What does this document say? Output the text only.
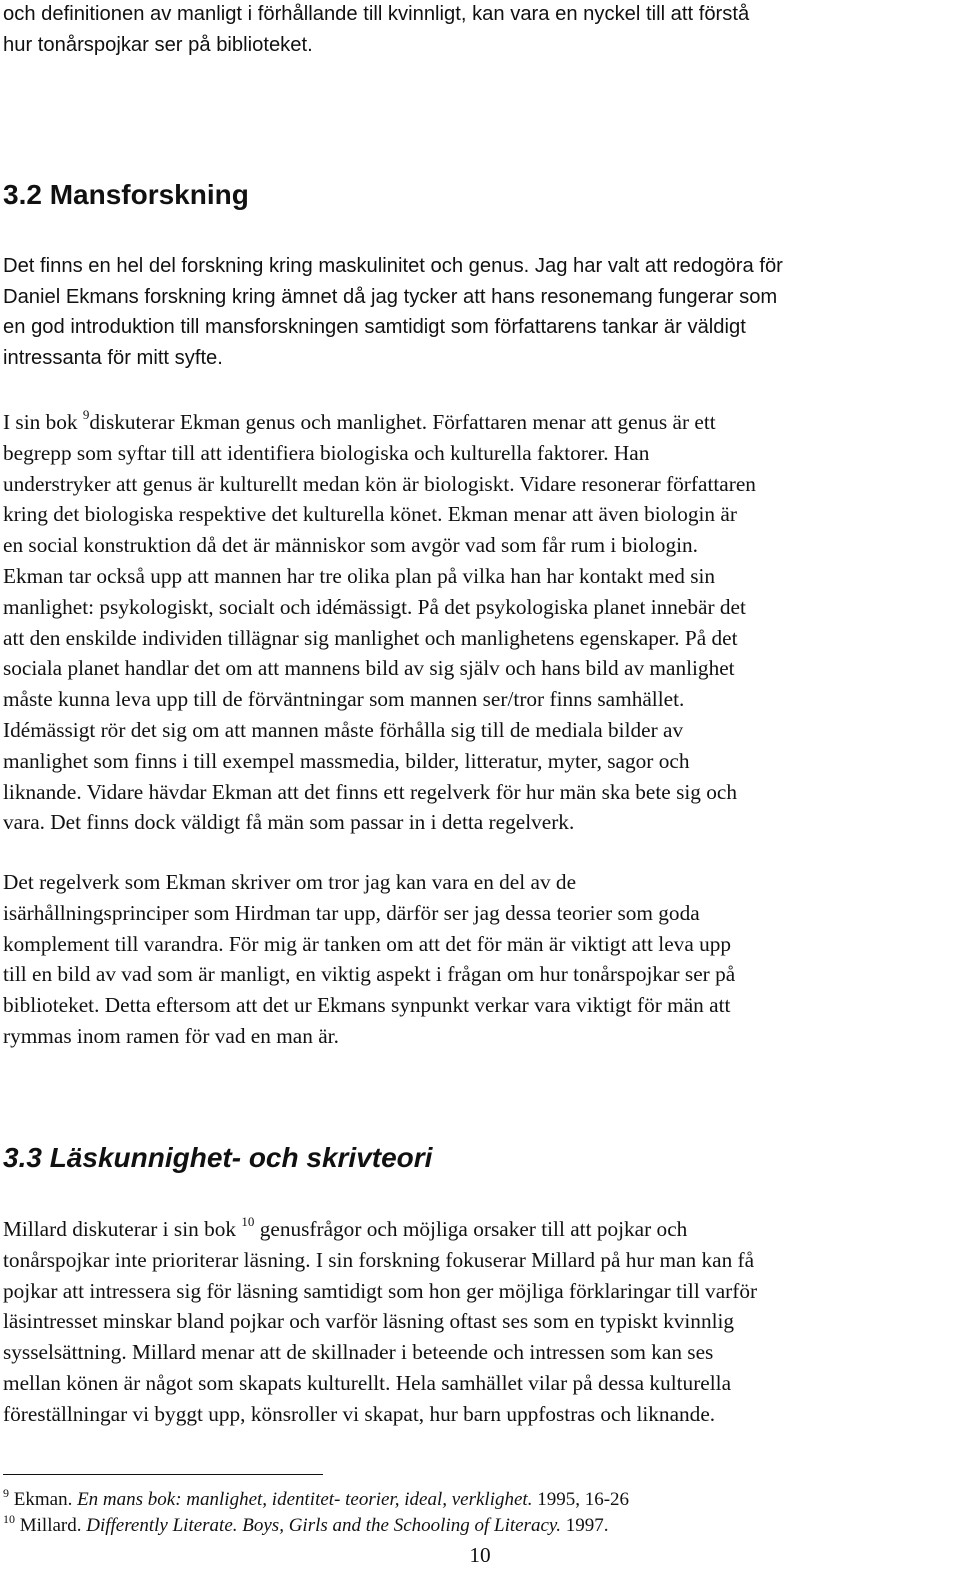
och definitionen av manligt i förhållande till kvinnligt, kan vara en nyckel till att förstå
hur tonårspojkar ser på biblioteket.
3.2 Mansforskning
Det finns en hel del forskning kring maskulinitet och genus. Jag har valt att redogöra för
Daniel Ekmans forskning kring ämnet då jag tycker att hans resonemang fungerar som
en god introduktion till mansforskningen samtidigt som författarens tankar är väldigt
intressanta för mitt syfte.
I sin bok $^9$diskuterar Ekman genus och manlighet. Författaren menar att genus är ett
begrepp som syftar till att identifiera biologiska och kulturella faktorer. Han
understryker att genus är kulturellt medan kön är biologiskt. Vidare resonerar författaren
kring det biologiska respektive det kulturella könet. Ekman menar att även biologin är
en social konstruktion då det är människor som avgör vad som får rum i biologin.
Ekman tar också upp att mannen har tre olika plan på vilka han har kontakt med sin
manlighet: psykologiskt, socialt och idémässigt. På det psykologiska planet innebär det
att den enskilde individen tillägnar sig manlighet och manlighetens egenskaper. På det
sociala planet handlar det om att mannens bild av sig själv och hans bild av manlighet
måste kunna leva upp till de förväntningar som mannen ser/tror finns samhället.
Idémässigt rör det sig om att mannen måste förhålla sig till de mediala bilder av
manlighet som finns i till exempel massmedia, bilder, litteratur, myter, sagor och
liknande. Vidare hävdar Ekman att det finns ett regelverk för hur män ska bete sig och
vara. Det finns dock väldigt få män som passar in i detta regelverk.
Det regelverk som Ekman skriver om tror jag kan vara en del av de
isärhållningsprinciper som Hirdman tar upp, därför ser jag dessa teorier som goda
komplement till varandra. För mig är tanken om att det för män är viktigt att leva upp
till en bild av vad som är manligt, en viktig aspekt i frågan om hur tonårspojkar ser på
biblioteket. Detta eftersom att det ur Ekmans synpunkt verkar vara viktigt för män att
rymmas inom ramen för vad en man är.
3.3 Läskunnighet- och skrivteori
Millard diskuterar i sin bok $^{10}$ genusfrågor och möjliga orsaker till att pojkar och
tonårspojkar inte prioriterar läsning. I sin forskning fokuserar Millard på hur man kan få
pojkar att intressera sig för läsning samtidigt som hon ger möjliga förklaringar till varför
läsintresset minskar bland pojkar och varför läsning oftast ses som en typiskt kvinnlig
sysselsättning. Millard menar att de skillnader i beteende och intressen som kan ses
mellan könen är något som skapats kulturellt. Hela samhället vilar på dessa kulturella
föreställningar vi byggt upp, könsroller vi skapat, hur barn uppfostras och liknande.

$^9$ Ekman. En mans bok: manlighet, identitet- teorier, ideal, verklighet. 1995, 16-26

$^{10}$ Millard. Differently Literate. Boys, Girls and the Schooling of Literacy. 1997.

10
